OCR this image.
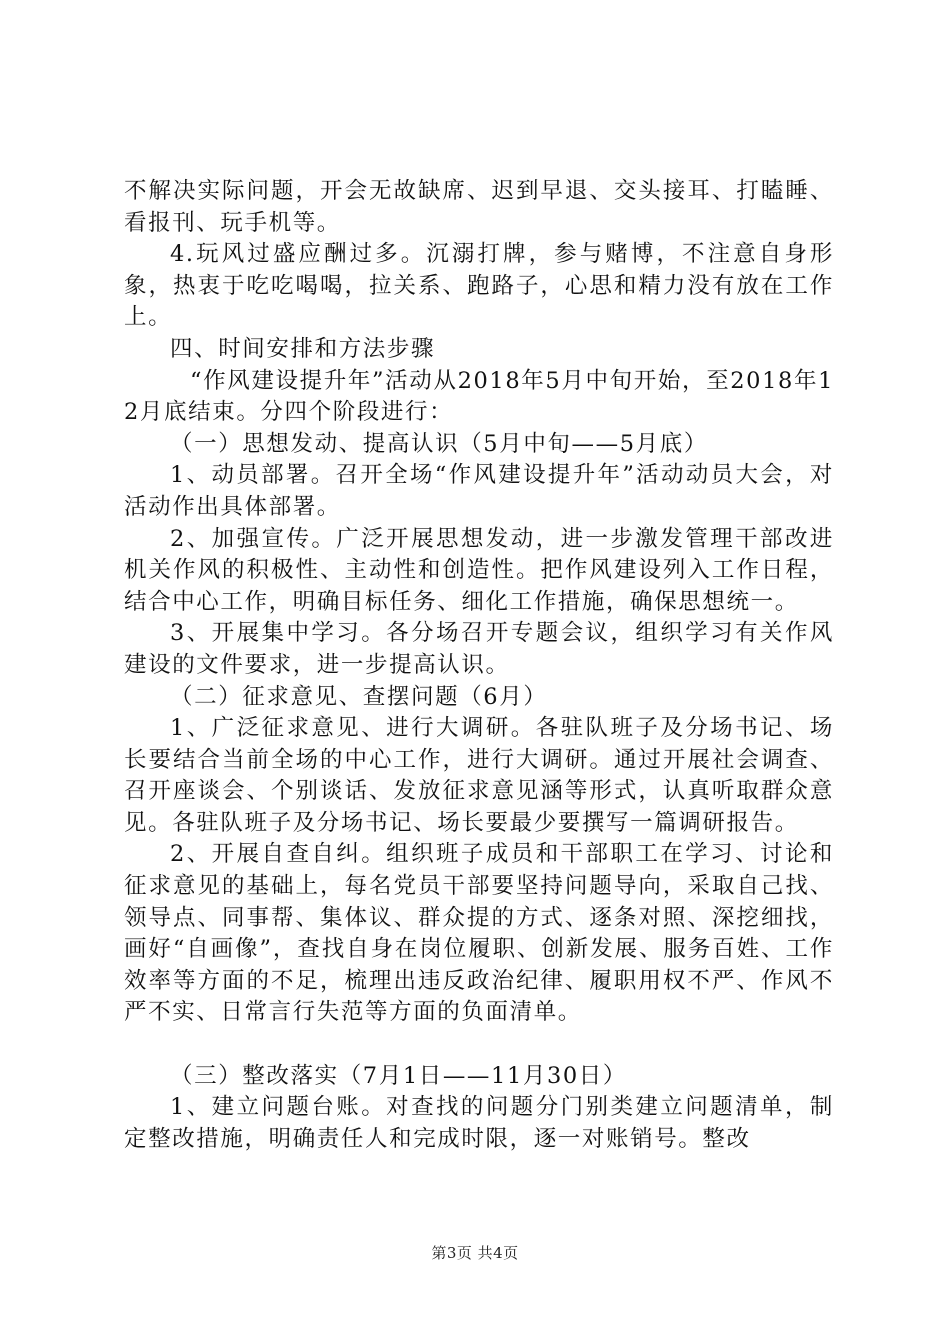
不解决实际问题，开会无故缺席、迟到早退、交头接耳、打瞌睡、看报刊、玩手机等。

4.玩风过盛应酬过多。沉溺打牌，参与赌博，不注意自身形象，热衷于吃吃喝喝，拉关系、跑路子，心思和精力没有放在工作上。

四、时间安排和方法步骤

“作风建设提升年”活动从2018年5月中旬开始，至2018年12月底结束。分四个阶段进行：

（一）思想发动、提高认识（5月中旬——5月底）

1、动员部署。召开全场“作风建设提升年”活动动员大会，对活动作出具体部署。

2、加强宣传。广泛开展思想发动，进一步激发管理干部改进机关作风的积极性、主动性和创造性。把作风建设列入工作日程，结合中心工作，明确目标任务、细化工作措施，确保思想统一。

3、开展集中学习。各分场召开专题会议，组织学习有关作风建设的文件要求，进一步提高认识。

（二）征求意见、查摆问题（6月）

1、广泛征求意见、进行大调研。各驻队班子及分场书记、场长要结合当前全场的中心工作，进行大调研。通过开展社会调查、召开座谈会、个别谈话、发放征求意见涵等形式，认真听取群众意见。各驻队班子及分场书记、场长要最少要撰写一篇调研报告。

2、开展自查自纠。组织班子成员和干部职工在学习、讨论和征求意见的基础上，每名党员干部要坚持问题导向，采取自己找、领导点、同事帮、集体议、群众提的方式、逐条对照、深挖细找，画好“自画像”，查找自身在岗位履职、创新发展、服务百姓、工作效率等方面的不足，梳理出违反政治纪律、履职用权不严、作风不严不实、日常言行失范等方面的负面清单。

（三）整改落实（7月1日——11月30日）

1、建立问题台账。对查找的问题分门别类建立问题清单，制定整改措施，明确责任人和完成时限，逐一对账销号。整改

第3页 共4页
